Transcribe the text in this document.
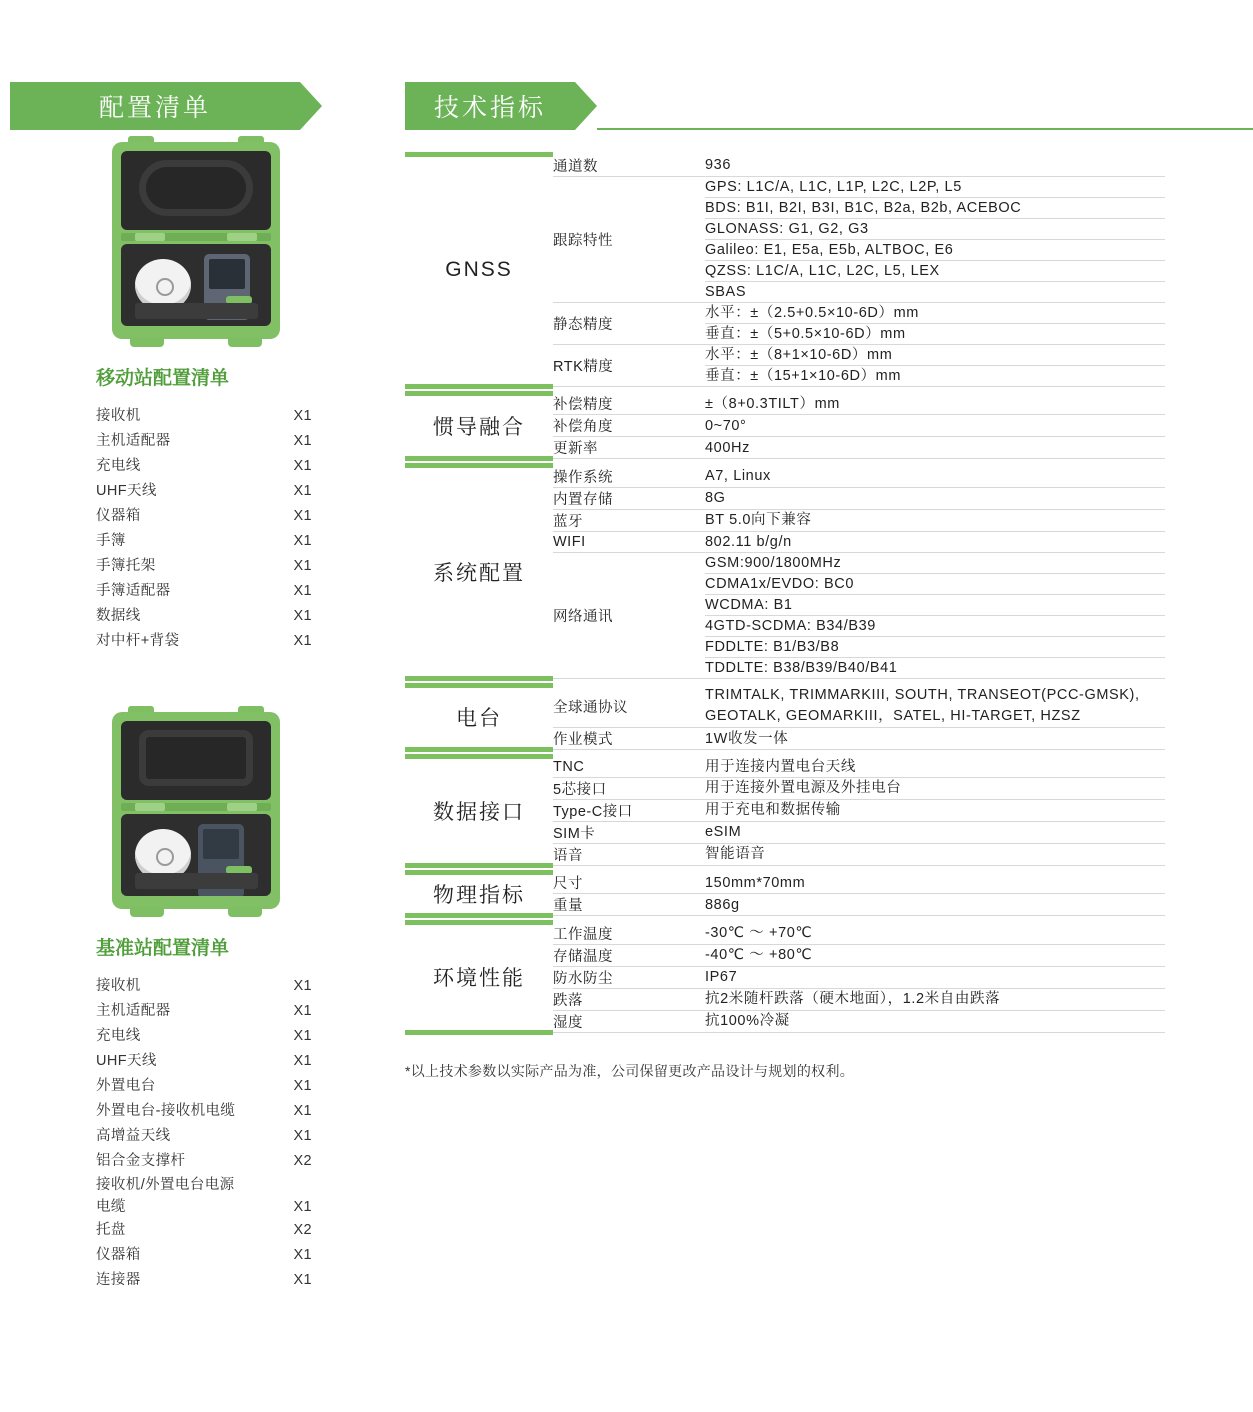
配置清单
移动站配置清单
接收机	X1
主机适配器	X1
充电线	X1
UHF天线	X1
仪器箱	X1
手簿	X1
手簿托架	X1
手簿适配器	X1
数据线	X1
对中杆+背袋	X1
基准站配置清单
接收机	X1
主机适配器	X1
充电线	X1
UHF天线	X1
外置电台	X1
外置电台-接收机电缆	X1
高增益天线	X1
铝合金支撑杆	X2
接收机/外置电台电源电缆	X1
托盘	X2
仪器箱	X1
连接器	X1
技术指标
GNSS	通道数	936
	跟踪特性	GPS: L1C/A, L1C, L1P, L2C, L2P, L5
		BDS: B1I, B2I, B3I, B1C, B2a, B2b, ACEBOC
		GLONASS: G1, G2, G3
		Galileo: E1, E5a, E5b, ALTBOC, E6
		QZSS: L1C/A, L1C, L2C, L5, LEX
		SBAS
	静态精度	水平：±（2.5+0.5×10-6D）mm
		垂直：±（5+0.5×10-6D）mm
	RTK精度	水平：±（8+1×10-6D）mm
		垂直：±（15+1×10-6D）mm

惯导融合	补偿精度	±（8+0.3TILT）mm
	补偿角度	0~70°
	更新率	400Hz

系统配置	操作系统	A7, Linux
	内置存储	8G
	蓝牙	BT 5.0向下兼容
	WIFI	802.11 b/g/n
	网络通讯	GSM:900/1800MHz
		CDMA1x/EVDO: BC0
		WCDMA: B1
		4GTD-SCDMA: B34/B39
		FDDLTE: B1/B3/B8
		TDDLTE: B38/B39/B40/B41

电台	全球通协议	TRIMTALK, TRIMMARKIII, SOUTH, TRANSEOT(PCC-GMSK), GEOTALK, GEOMARKIII，SATEL, HI-TARGET, HZSZ
	作业模式	1W收发一体

数据接口	TNC	用于连接内置电台天线
	5芯接口	用于连接外置电源及外挂电台
	Type-C接口	用于充电和数据传输
	SIM卡	eSIM
	语音	智能语音

物理指标	尺寸	150mm*70mm
	重量	886g

环境性能	工作温度	-30℃ ～ +70℃
	存储温度	-40℃ ～ +80℃
	防水防尘	IP67
	跌落	抗2米随杆跌落（硬木地面），1.2米自由跌落
	湿度	抗100%冷凝
*以上技术参数以实际产品为准，公司保留更改产品设计与规划的权利。
